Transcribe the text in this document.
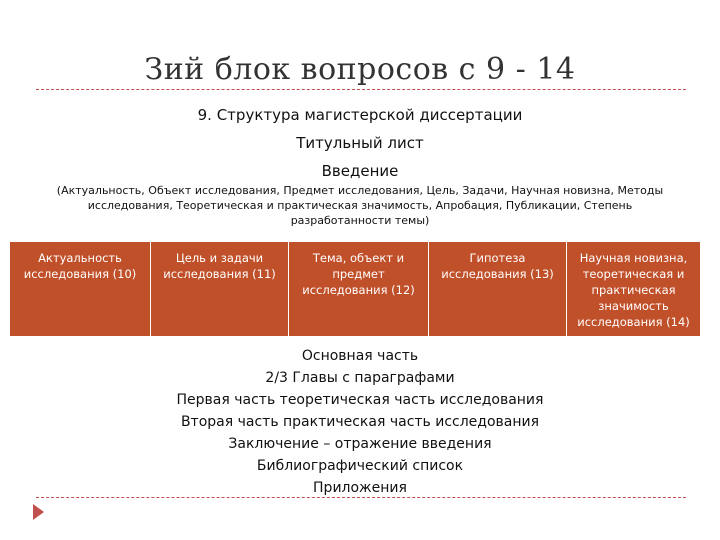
Зий блок вопросов с 9 - 14
9. Структура магистерской диссертации
Титульный лист
Введение
(Актуальность, Объект исследования, Предмет исследования, Цель, Задачи, Научная новизна, Методы исследования, Теоретическая и практическая значимость, Апробация, Публикации, Степень разработанности темы)
Актуальность исследования (10)
Цель и задачи исследования (11)
Тема, объект и предмет исследования (12)
Гипотеза исследования (13)
Научная новизна, теоретическая и практическая значимость исследования (14)
Основная часть
2/3 Главы с параграфами
Первая часть теоретическая часть исследования
Вторая часть практическая часть исследования
Заключение – отражение введения
Библиографический список
Приложения
